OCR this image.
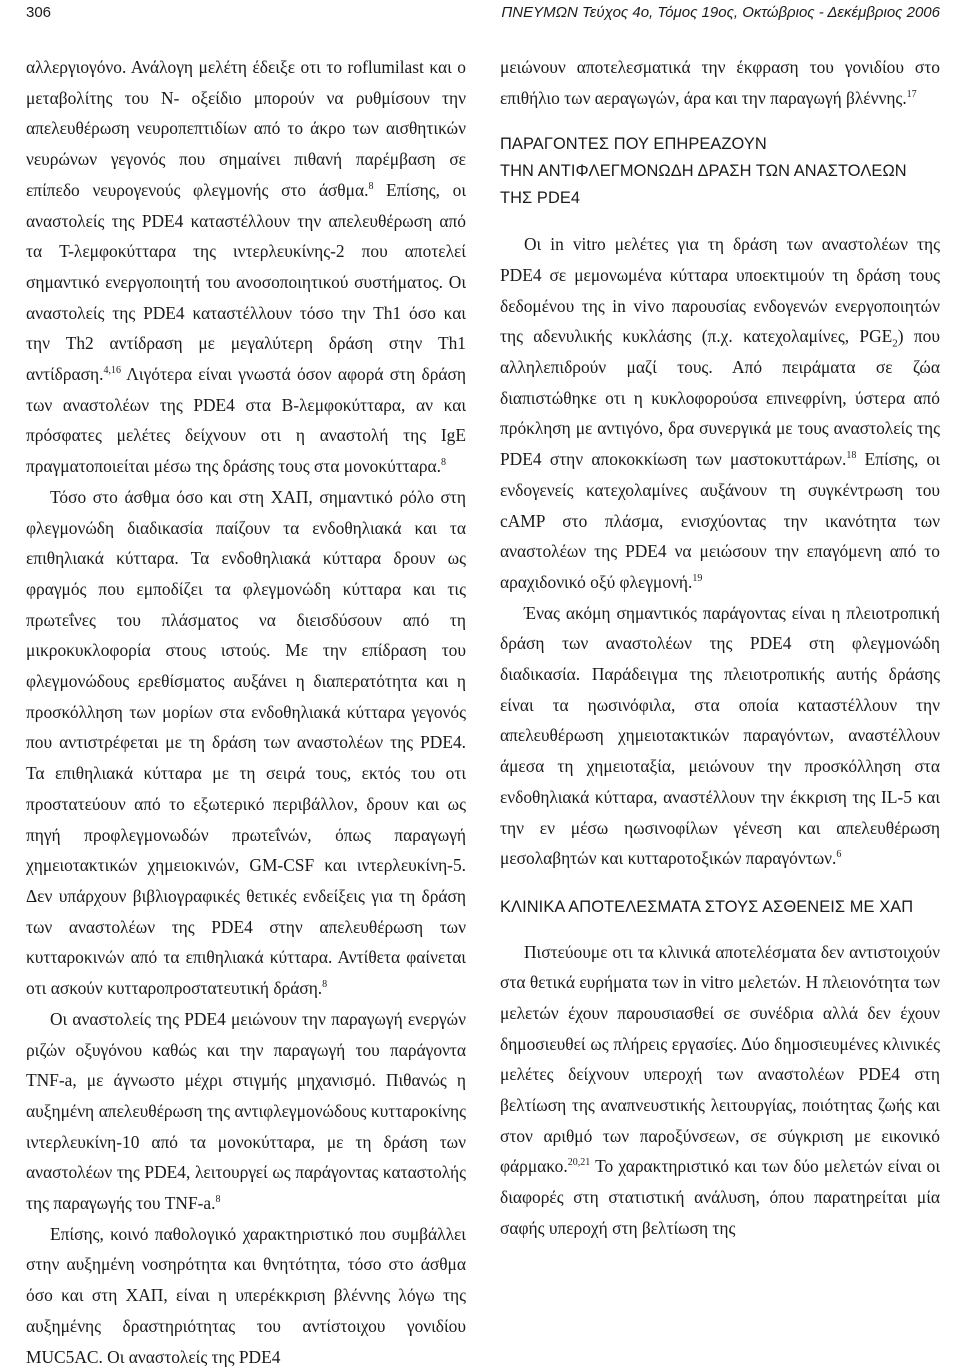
306	ΠΝΕΥΜΩΝ Τεύχος 4ο, Τόμος 19ος, Οκτώβριος - Δεκέμβριος 2006

αλλεργιογόνο. Ανάλογη μελέτη έδειξε οτι το roflumilast και ο μεταβολίτης του N- οξείδιο μπορούν να ρυθμίσουν την απελευθέρωση νευροπεπτιδίων από το άκρο των αισθητικών νευρώνων γεγονός που σημαίνει πιθανή παρέμβαση σε επίπεδο νευρογενούς φλεγμονής στο άσθμα.$^8$ Επίσης, οι αναστολείς της PDE4 καταστέλλουν την απελευθέρωση από τα T-λεμφοκύτταρα της ιντερλευκίνης-2 που αποτελεί σημαντικό ενεργοποιητή του ανοσοποιητικού συστήματος. Οι αναστολείς της PDE4 καταστέλλουν τόσο την Th1 όσο και την Th2 αντίδραση με μεγαλύτερη δράση στην Th1 αντίδραση.$^{4,16}$ Λιγότερα είναι γνωστά όσον αφορά στη δράση των αναστολέων της PDE4 στα Β-λεμφοκύτταρα, αν και πρόσφατες μελέτες δείχνουν οτι η αναστολή της IgE πραγματοποιείται μέσω της δράσης τους στα μονοκύτταρα.$^8$

Τόσο στο άσθμα όσο και στη ΧΑΠ, σημαντικό ρόλο στη φλεγμονώδη διαδικασία παίζουν τα ενδοθηλιακά και τα επιθηλιακά κύτταρα. Τα ενδοθηλιακά κύτταρα δρουν ως φραγμός που εμποδίζει τα φλεγμονώδη κύτταρα και τις πρωτεΐνες του πλάσματος να διεισδύσουν από τη μικροκυκλοφορία στους ιστούς. Με την επίδραση του φλεγμονώδους ερεθίσματος αυξάνει η διαπερατότητα και η προσκόλληση των μορίων στα ενδοθηλιακά κύτταρα γεγονός που αντιστρέφεται με τη δράση των αναστολέων της PDE4. Τα επιθηλιακά κύτταρα με τη σειρά τους, εκτός του οτι προστατεύουν από το εξωτερικό περιβάλλον, δρουν και ως πηγή προφλεγμονωδών πρωτεΐνών, όπως παραγωγή χημειοτακτικών χημειοκινών, GM-CSF και ιντερλευκίνη-5. Δεν υπάρχουν βιβλιογραφικές θετικές ενδείξεις για τη δράση των αναστολέων της PDE4 στην απελευθέρωση των κυτταροκινών από τα επιθηλιακά κύτταρα. Αντίθετα φαίνεται οτι ασκούν κυτταροπροστατευτική δράση.$^8$

Οι αναστολείς της PDE4 μειώνουν την παραγωγή ενεργών ριζών οξυγόνου καθώς και την παραγωγή του παράγοντα TNF-a, με άγνωστο μέχρι στιγμής μηχανισμό. Πιθανώς η αυξημένη απελευθέρωση της αντιφλεγμονώδους κυτταροκίνης ιντερλευκίνη-10 από τα μονοκύτταρα, με τη δράση των αναστολέων της PDE4, λειτουργεί ως παράγοντας καταστολής της παραγωγής του TNF-a.$^8$

Επίσης, κοινό παθολογικό χαρακτηριστικό που συμβάλλει στην αυξημένη νοσηρότητα και θνητότητα, τόσο στο άσθμα όσο και στη ΧΑΠ, είναι η υπερέκκριση βλέννης λόγω της αυξημένης δραστηριότητας του αντίστοιχου γονιδίου MUC5AC. Οι αναστολείς της PDE4

μειώνουν αποτελεσματικά την έκφραση του γονιδίου στο επιθήλιο των αεραγωγών, άρα και την παραγωγή βλέννης.$^{17}$

ΠΑΡΑΓΟΝΤΕΣ ΠΟΥ ΕΠΗΡΕΑΖΟΥΝ
ΤΗΝ ΑΝΤΙΦΛΕΓΜΟΝΩΔΗ ΔΡΑΣΗ ΤΩΝ ΑΝΑΣΤΟΛΕΩΝ
ΤΗΣ PDE4

Οι in vitro μελέτες για τη δράση των αναστολέων της PDE4 σε μεμονωμένα κύτταρα υποεκτιμούν τη δράση τους δεδομένου της in vivo παρουσίας ενδογενών ενεργοποιητών της αδενυλικής κυκλάσης (π.χ. κατεχολαμίνες, $PGE_2$) που αλληλεπιδρούν μαζί τους. Από πειράματα σε ζώα διαπιστώθηκε οτι η κυκλοφορούσα επινεφρίνη, ύστερα από πρόκληση με αντιγόνο, δρα συνεργικά με τους αναστολείς της PDE4 στην αποκοκκίωση των μαστοκυττάρων.$^{18}$ Επίσης, οι ενδογενείς κατεχολαμίνες αυξάνουν τη συγκέντρωση του cAMP στο πλάσμα, ενισχύοντας την ικανότητα των αναστολέων της PDE4 να μειώσουν την επαγόμενη από το αραχιδονικό οξύ φλεγμονή.$^{19}$

Ένας ακόμη σημαντικός παράγοντας είναι η πλειοτροπική δράση των αναστολέων της PDE4 στη φλεγμονώδη διαδικασία. Παράδειγμα της πλειοτροπικής αυτής δράσης είναι τα ηωσινόφιλα, στα οποία καταστέλλουν την απελευθέρωση χημειοτακτικών παραγόντων, αναστέλλουν άμεσα τη χημειοταξία, μειώνουν την προσκόλληση στα ενδοθηλιακά κύτταρα, αναστέλλουν την έκκριση της IL-5 και την εν μέσω ηωσινοφίλων γένεση και απελευθέρωση μεσολαβητών και κυτταροτοξικών παραγόντων.$^6$

ΚΛΙΝΙΚΑ ΑΠΟΤΕΛΕΣΜΑΤΑ ΣΤΟΥΣ ΑΣΘΕΝΕΙΣ ΜΕ ΧΑΠ

Πιστεύουμε οτι τα κλινικά αποτελέσματα δεν αντιστοιχούν στα θετικά ευρήματα των in vitro μελετών. Η πλειονότητα των μελετών έχουν παρουσιασθεί σε συνέδρια αλλά δεν έχουν δημοσιευθεί ως πλήρεις εργασίες. Δύο δημοσιευμένες κλινικές μελέτες δείχνουν υπεροχή των αναστολέων PDE4 στη βελτίωση της αναπνευστικής λειτουργίας, ποιότητας ζωής και στον αριθμό των παροξύνσεων, σε σύγκριση με εικονικό φάρμακο.$^{20,21}$ Το χαρακτηριστικό και των δύο μελετών είναι οι διαφορές στη στατιστική ανάλυση, όπου παρατηρείται μία σαφής υπεροχή στη βελτίωση της
